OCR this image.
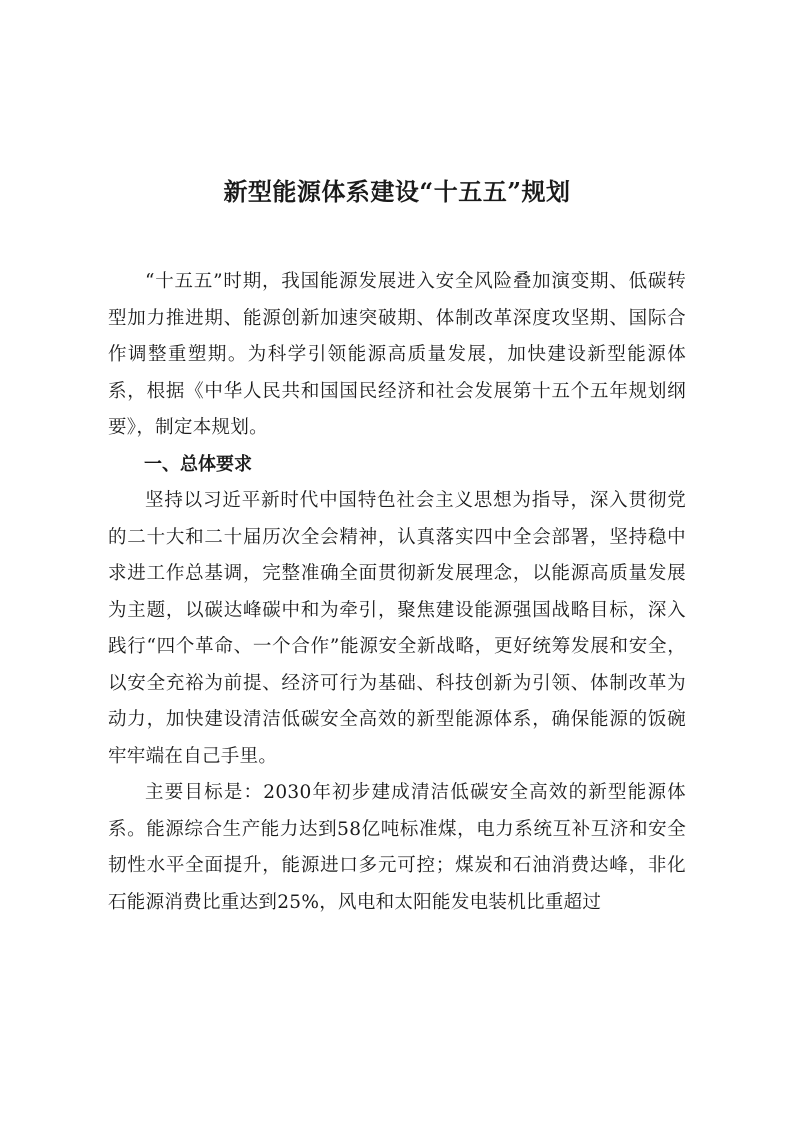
新型能源体系建设“十五五”规划

“十五五”时期，我国能源发展进入安全风险叠加演变期、低碳转型加力推进期、能源创新加速突破期、体制改革深度攻坚期、国际合作调整重塑期。为科学引领能源高质量发展，加快建设新型能源体系，根据《中华人民共和国国民经济和社会发展第十五个五年规划纲要》，制定本规划。

一、总体要求

坚持以习近平新时代中国特色社会主义思想为指导，深入贯彻党的二十大和二十届历次全会精神，认真落实四中全会部署，坚持稳中求进工作总基调，完整准确全面贯彻新发展理念，以能源高质量发展为主题，以碳达峰碳中和为牵引，聚焦建设能源强国战略目标，深入践行“四个革命、一个合作”能源安全新战略，更好统筹发展和安全，以安全充裕为前提、经济可行为基础、科技创新为引领、体制改革为动力，加快建设清洁低碳安全高效的新型能源体系，确保能源的饭碗牢牢端在自己手里。

主要目标是：2030年初步建成清洁低碳安全高效的新型能源体系。能源综合生产能力达到58亿吨标准煤，电力系统互补互济和安全韧性水平全面提升，能源进口多元可控；煤炭和石油消费达峰，非化石能源消费比重达到25%，风电和太阳能发电装机比重超过
